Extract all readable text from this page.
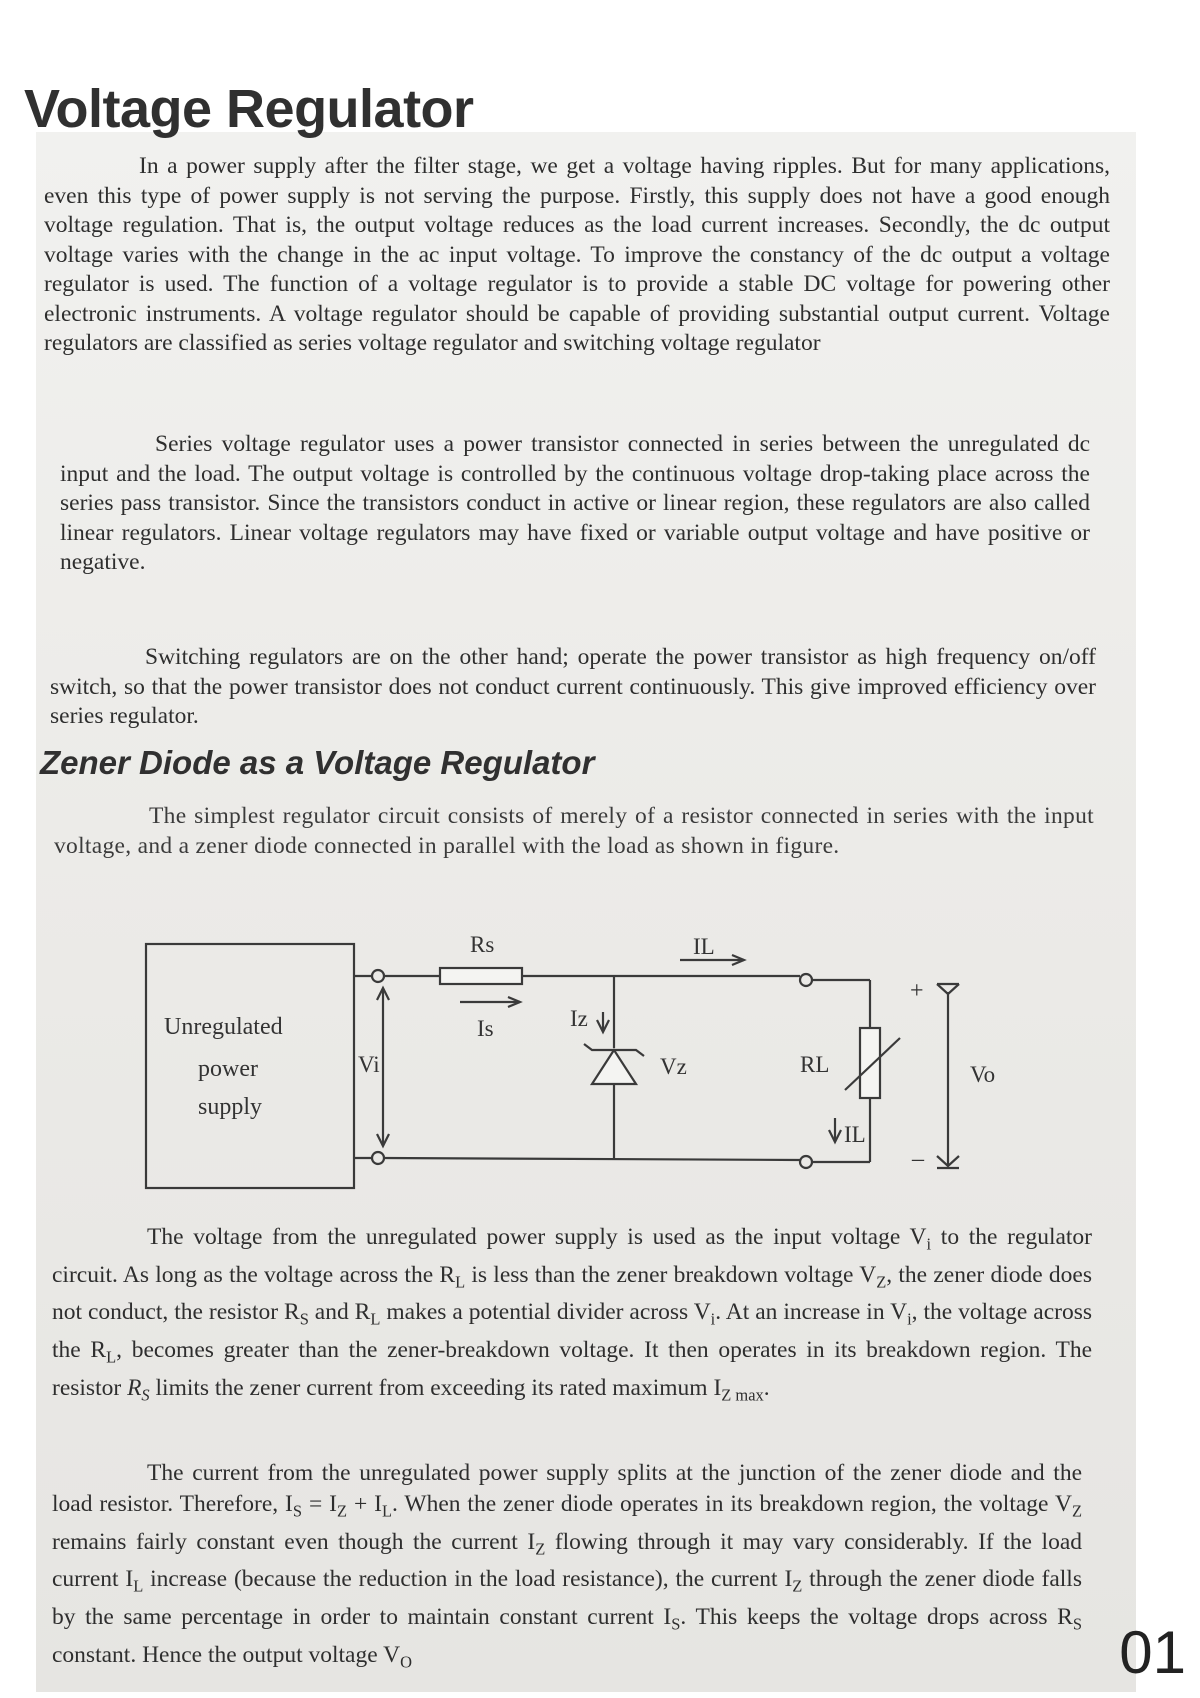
Voltage Regulator

In a power supply after the filter stage, we get a voltage having ripples. But for many applications, even this type of power supply is not serving the purpose. Firstly, this supply does not have a good enough voltage regulation. That is, the output voltage reduces as the load current increases. Secondly, the dc output voltage varies with the change in the ac input voltage. To improve the constancy of the dc output a voltage regulator is used. The function of a voltage regulator is to provide a stable DC voltage for powering other electronic instruments. A voltage regulator should be capable of providing substantial output current. Voltage regulators are classified as series voltage regulator and switching voltage regulator

Series voltage regulator uses a power transistor connected in series between the unregulated dc input and the load. The output voltage is controlled by the continuous voltage drop-taking place across the series pass transistor. Since the transistors conduct in active or linear region, these regulators are also called linear regulators. Linear voltage regulators may have fixed or variable output voltage and have positive or negative.

Switching regulators are on the other hand; operate the power transistor as high frequency on/off switch, so that the power transistor does not conduct current continuously. This give improved efficiency over series regulator.

Zener Diode as a Voltage Regulator

The simplest regulator circuit consists of merely of a resistor connected in series with the input voltage, and a zener diode connected in parallel with the load as shown in figure.

Unregulated
power
supply
Vi
Rs
Is	Iz
Vz
IL
RL
IL
+
_
Vo

The voltage from the unregulated power supply is used as the input voltage $V_i$ to the regulator circuit. As long as the voltage across the $R_L$ is less than the zener breakdown voltage $V_Z$, the zener diode does not conduct, the resistor $R_S$ and $R_L$ makes a potential divider across $V_i$. At an increase in $V_i$, the voltage across the $R_L$, becomes greater than the zener-breakdown voltage. It then operates in its breakdown region. The resistor $R_S$ limits the zener current from exceeding its rated maximum $I_{Z max}$.

The current from the unregulated power supply splits at the junction of the zener diode and the load resistor. Therefore, $I_S = I_Z + I_L$. When the zener diode operates in its breakdown region, the voltage $V_Z$ remains fairly constant even though the current $I_Z$ flowing through it may vary considerably. If the load current $I_L$ increase (because the reduction in the load resistance), the current $I_Z$ through the zener diode falls by the same percentage in order to maintain constant current $I_S$. This keeps the voltage drops across $R_S$ constant. Hence the output voltage $V_O$	01
